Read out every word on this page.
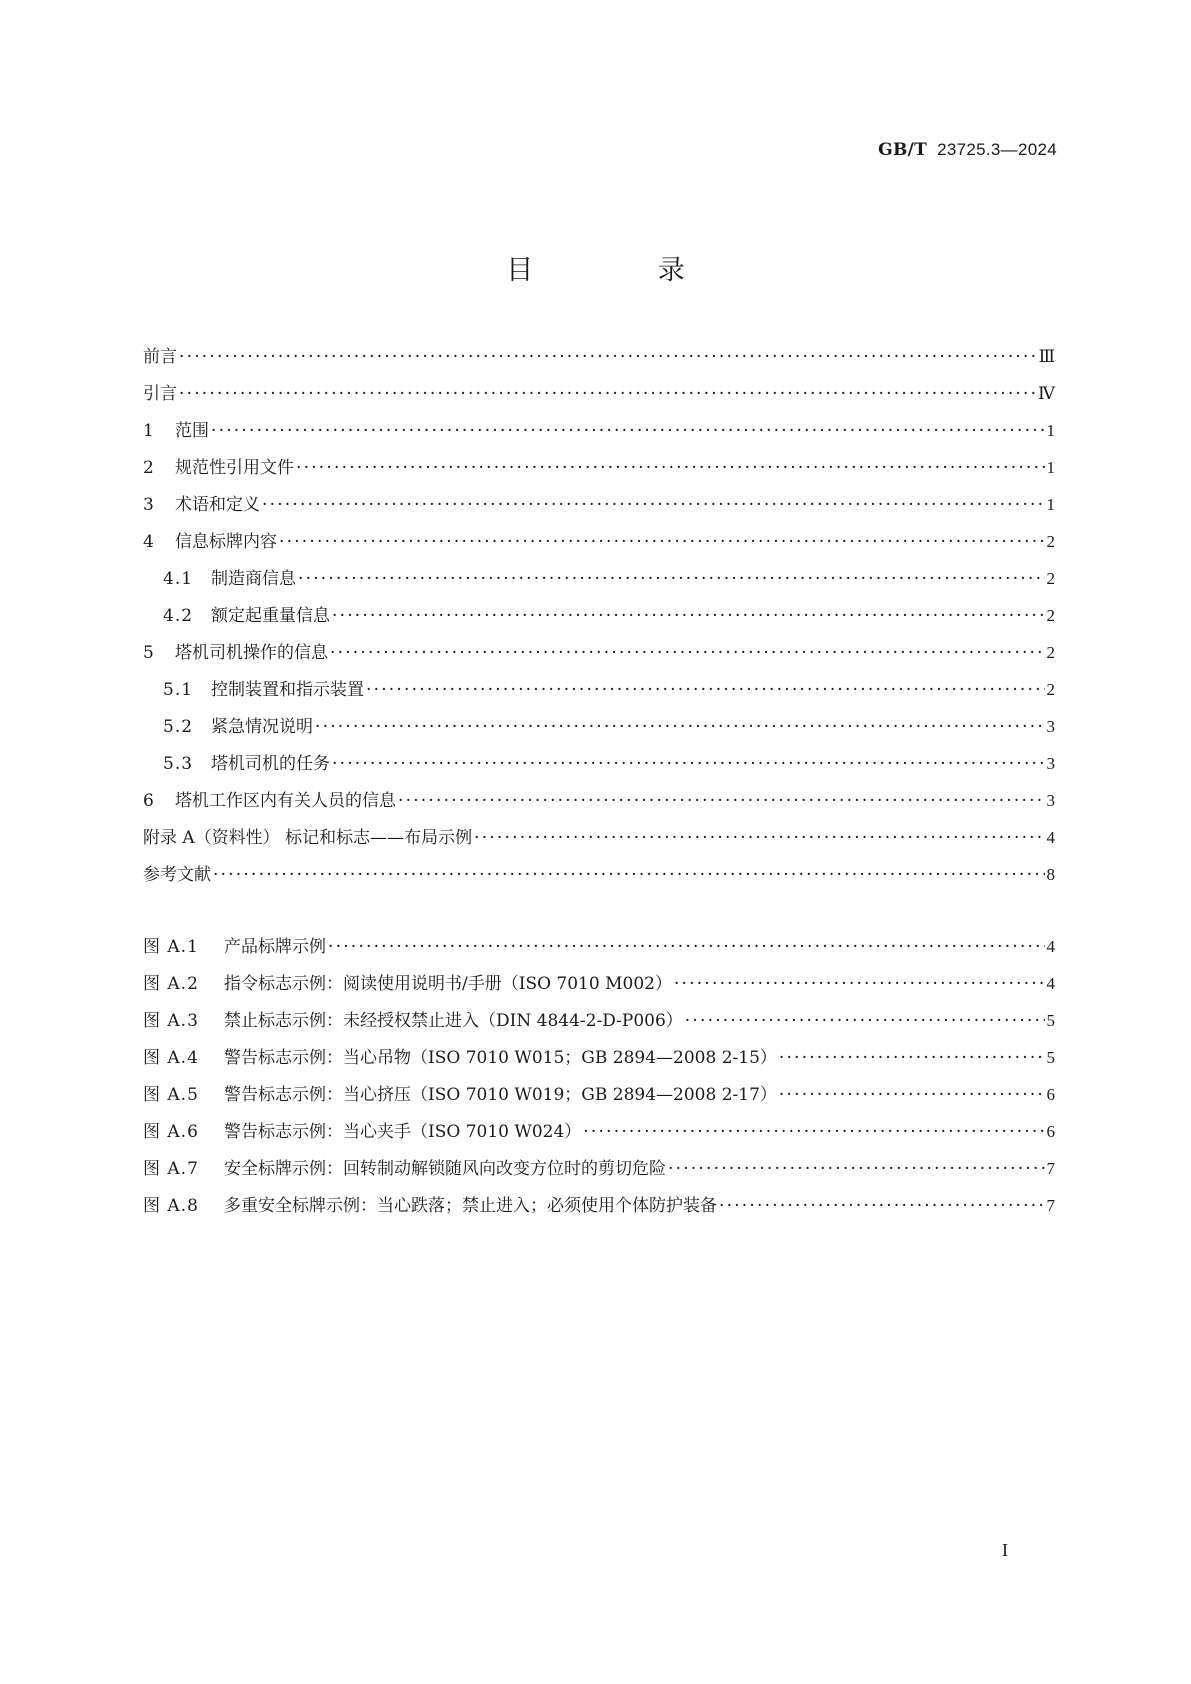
GB/T 23725.3—2024
目 录
前言 ·····	Ⅲ
引言 ·····	Ⅳ
1 范围 ·····	1
2 规范性引用文件 ·····	1
3 术语和定义 ·····	1
4 信息标牌内容 ·····	2
4.1 制造商信息 ·····	2
4.2 额定起重量信息 ·····	2
5 塔机司机操作的信息 ·····	2
5.1 控制装置和指示装置 ·····	2
5.2 紧急情况说明 ·····	3
5.3 塔机司机的任务 ·····	3
6 塔机工作区内有关人员的信息 ·····	3
附录 A（资料性） 标记和标志——布局示例 ·····	4
参考文献 ·····	8
图 A.1 产品标牌示例 ·····	4
图 A.2 指令标志示例：阅读使用说明书/手册（ISO 7010 M002） ·····	4
图 A.3 禁止标志示例：未经授权禁止进入（DIN 4844-2-D-P006） ·····	5
图 A.4 警告标志示例：当心吊物（ISO 7010 W015；GB 2894—2008 2-15） ·····	5
图 A.5 警告标志示例：当心挤压（ISO 7010 W019；GB 2894—2008 2-17） ·····	6
图 A.6 警告标志示例：当心夹手（ISO 7010 W024） ·····	6
图 A.7 安全标牌示例：回转制动解锁随风向改变方位时的剪切危险 ·····	7
图 A.8 多重安全标牌示例：当心跌落；禁止进入；必须使用个体防护装备 ·····	7
I
